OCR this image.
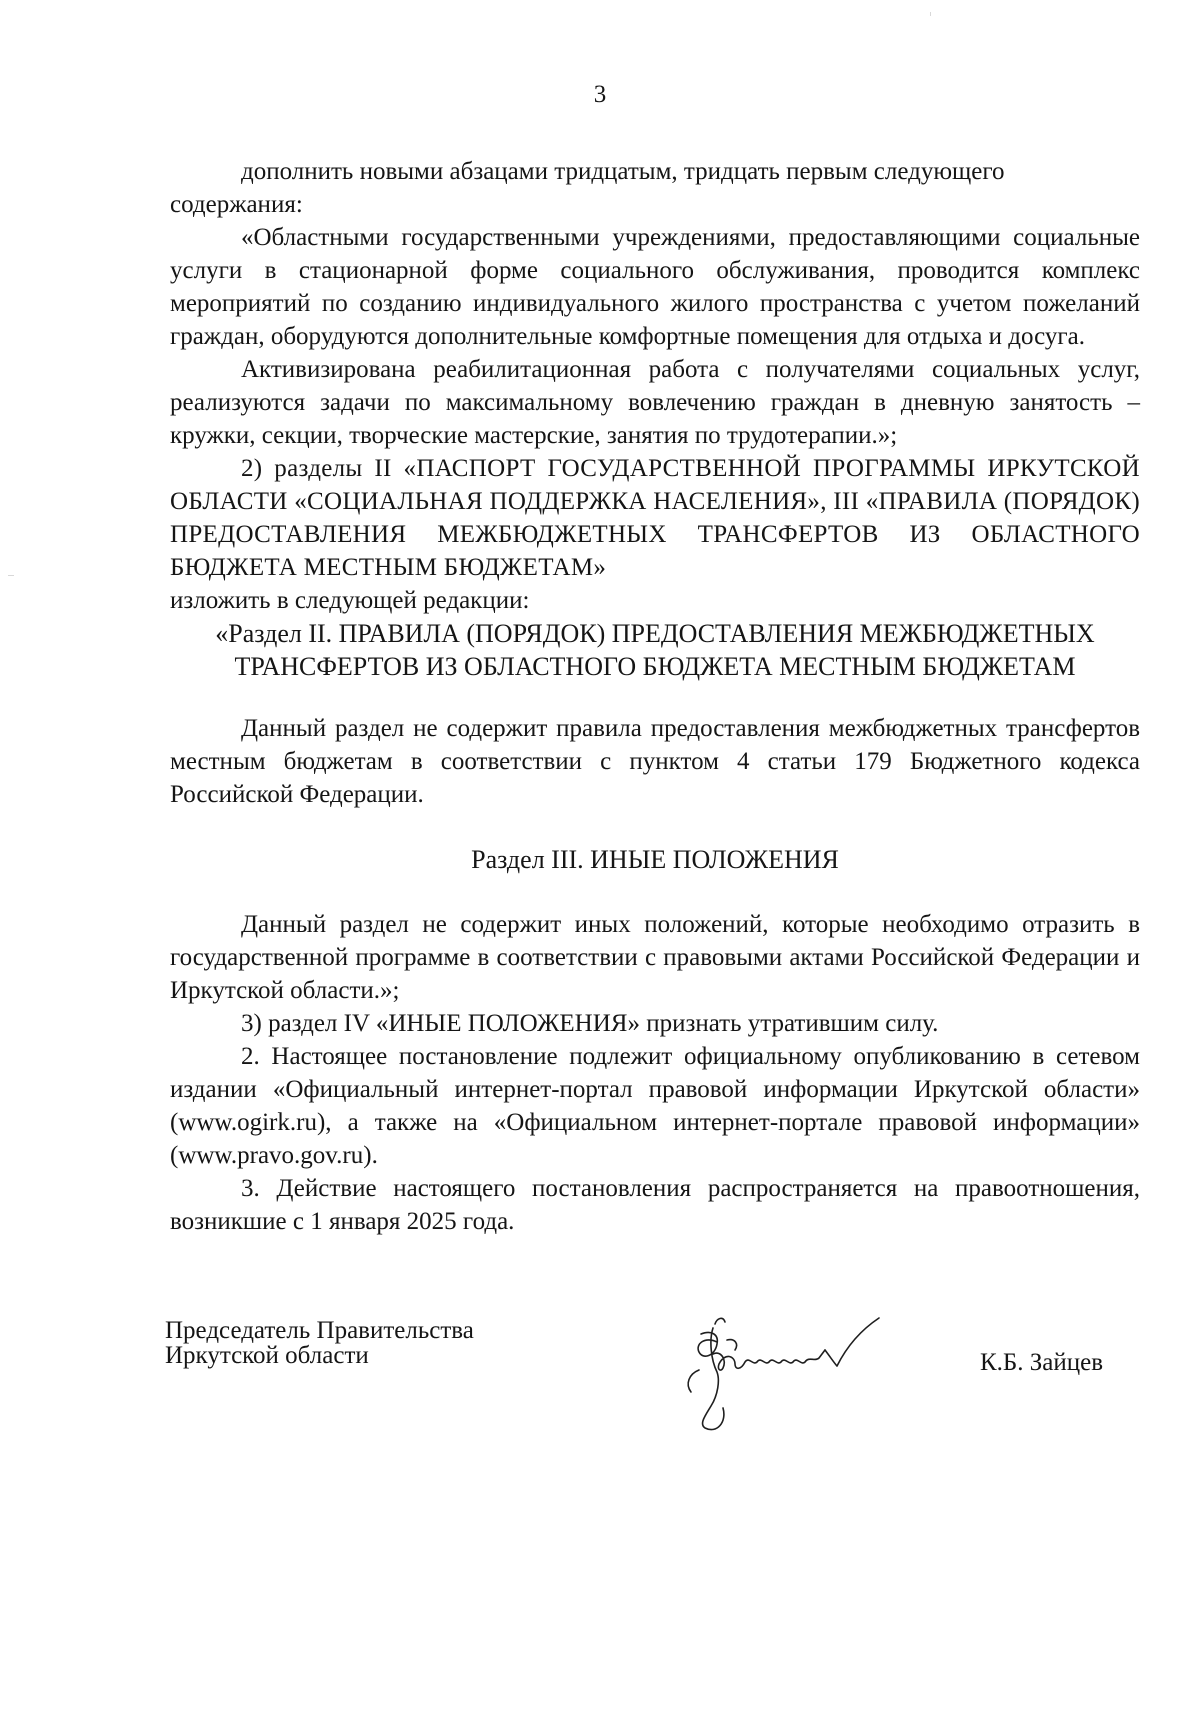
3

дополнить новыми абзацами тридцатым, тридцать первым следующего

содержания:

«Областными государственными учреждениями, предоставляющими социальные услуги в стационарной форме социального обслуживания, проводится комплекс мероприятий по созданию индивидуального жилого пространства с учетом пожеланий граждан, оборудуются дополнительные комфортные помещения для отдыха и досуга.

Активизирована реабилитационная работа с получателями социальных услуг, реализуются задачи по максимальному вовлечению граждан в дневную занятость – кружки, секции, творческие мастерские, занятия по трудотерапии.»;

2) разделы II «ПАСПОРТ ГОСУДАРСТВЕННОЙ ПРОГРАММЫ ИРКУТСКОЙ ОБЛАСТИ «СОЦИАЛЬНАЯ ПОДДЕРЖКА НАСЕЛЕНИЯ», III «ПРАВИЛА (ПОРЯДОК) ПРЕДОСТАВЛЕНИЯ МЕЖБЮДЖЕТНЫХ ТРАНСФЕРТОВ ИЗ ОБЛАСТНОГО БЮДЖЕТА МЕСТНЫМ БЮДЖЕТАМ»

изложить в следующей редакции:

«Раздел II. ПРАВИЛА (ПОРЯДОК) ПРЕДОСТАВЛЕНИЯ МЕЖБЮДЖЕТНЫХ ТРАНСФЕРТОВ ИЗ ОБЛАСТНОГО БЮДЖЕТА МЕСТНЫМ БЮДЖЕТАМ

Данный раздел не содержит правила предоставления межбюджетных трансфертов местным бюджетам в соответствии с пунктом 4 статьи 179 Бюджетного кодекса Российской Федерации.

Раздел III. ИНЫЕ ПОЛОЖЕНИЯ

Данный раздел не содержит иных положений, которые необходимо отразить в государственной программе в соответствии с правовыми актами Российской Федерации и Иркутской области.»;

3) раздел IV «ИНЫЕ ПОЛОЖЕНИЯ» признать утратившим силу.

2. Настоящее постановление подлежит официальному опубликованию в сетевом издании «Официальный интернет-портал правовой информации Иркутской области» (www.ogirk.ru), а также на «Официальном интернет-портале правовой информации» (www.pravo.gov.ru).

3. Действие настоящего постановления распространяется на правоотношения, возникшие с 1 января 2025 года.

Председатель Правительства
Иркутской области	К.Б. Зайцев
